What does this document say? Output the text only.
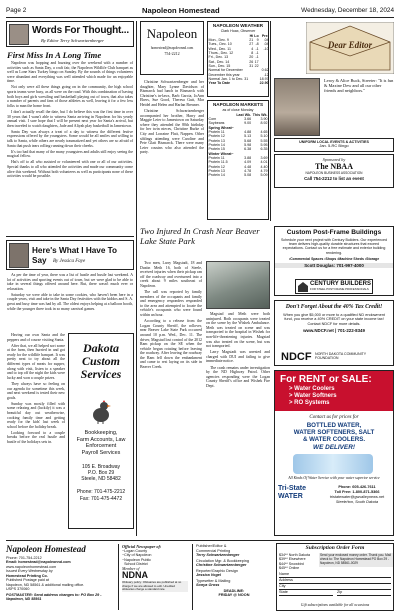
Page 2	Napoleon Homestead	Wednesday, December 18, 2024
Words For Thought...
By Editor Terry Schwartzenberger
First Miss In A Long Time

Napoleon was hopping and buzzing over the weekend with a number of activities such as Santa Day, a craft fair, the Napoleon Wildlife Club banquet as well as Lone Stars Turkey bingo on Sunday. By the sounds of things volunteers were abundant and everything was well attended which made for an enjoyable time.

Not only were all these things going on in the community, the high school sports teams were busy, as all were on the road. With this combination of having both boys and girls wrestling and basketball playing out of town, that also takes a number of parents and fans of those athletes as well, leaving it for a few less folks to man the home front.

I don't actually recall the date, but I do believe this was the first time in over 30 years that I wasn't able to witness Santa arriving in Napoleon for his yearly annual visit. I sure hope that I will be present next year for Santa's arrival, but then traveled to watch daughters, Jade and Aliyah play basketball in Jamestown.

Santa Day was always a treat of a day to witness the different festive expressions offered by the youngsters. Some would be all smiles and willing to talk to Santa, while others are nearly traumatized and yet others are so afraid of Santa that push tears rolling running down their cheeks.

It's too bad that many of the many youngsters and adults still enjoy seeing the magical fellow.

Hat's off to all who assisted or volunteered with one or all of our activities. Special thanks to all who attended the activities and made our community come alive this weekend. Without both volunteers as well as participants none of these activities would be possible.

Here's What I Have To Say	By Jessica Faye

As per the time of year, there was a list of hustle and bustle last weekend. A lot of activities and sporting events out of town, but we were glad to be able to take in several things offered around here. But, there wasn't much ever or relaxation.

Saturday we were able to take in some cookies, who haven't been here in a couple years, visit and take in the Santa Day festivities with the kiddos and S. A. great and busy time was had by all. The oldest enjoys helping at a balloon booth, while the younger three took in so many carnival games.

Having our own Santa and the peppers and of course visiting Santa.

After that, we all helped sort some at the farm, then hurried in and got ready for the wildlife banquet. It was pretty neat to try about all the different types of meats for supper, along with visit, listen to a speaker and to top off the night the kids were lucky and won a couple prizes.

They always have so feeling on our agenda for sometime this week, and next weekend is tested their new goals.

Sunday was mostly filled with some relaxing and (luckily) it was a beautiful day out weatherwise, cooking family time and getting ready for the kids' last week of school before the holiday break.

Looking forward to a couple breaks before the real hustle and bustle of the holidays sets in.

Dakota Custom Services
Bookkeeping,
Farm Accounts, Law
Enforcement
Payroll Services
105 E. Broadway
P.O. Box 29
Steele, ND 58482
Phone: 701-475-2212
Fax: 701-475-4472
Napoleon
homestead@napoleonnd.com
754-2212

Christine Schwartzenberger and her daughter, Mary Lynne Davidson of Bismarck had lunch in Bismarck with Christine's in-laws, Barb Garcia, JoAnn Ebers, Sue Good, Theresa Gutt, Mar Heidel and Helen and Harlan Breuner.

Christine Schwartzenberger accompanied her brother, Harry and Maggie Leier to Jamestown on Saturday where they attended the 80th birthday for her twin nieces, Christine Burke of City and Lorraine Flatt, Nappen. Other siblings attending were Caroline and Pete Glatt Bismarck. There were many Leier cousins who also attended the party.

Two Injured In Crash Near Beaver Lake State Park

Two men, Larry Magstadt, 18 and Dustin Meth 16, both of Steele, received injuries when their pickup ran off the roadway and overturned into a creek about 9 miles southeast of Napoleon.

The call was reported by family members of the occupants and family and emergency responders responded to the area and attempted to locate the vehicle's occupants who were found within an hour.

According to a release from the Logan County Sheriff, the rollover, near Beaver Lake State Park occurred around 10 p.m. Wed., Dec. 11. The driver, Magstad lost control of the 2012 Ram pickup on the SE when the vehicle began rotating before leaving the roadway. After leaving the roadway the Ram fell down the embankment and came to rest laying on its side in Beaver Creek.

Magstad and Meth were both uninjured. Both occupants were treated on the scene by the Wishek Ambulance. Meth was treated on scene and was transported to the hospital in Wishek for non-life-threatening injuries. Magstad was also treated on the scene, but was not transported.

Larry Magstadt was arrested and charged with DUI and failing to give immediate notice.

The crash remains under investigation by the ND Highway Patrol. Other agencies responding were the Logan County Sheriff's office and Wishek Fire Dept.

NAPOLEON WEATHER
Clark Hoax, Observer
	Hi	Lo	Pre.
Mon., Dec. 9	21	9	.04
Tues., Dec. 10	27	-8	.04
Wed., Dec. 11	4	-1	-10
Thurs., Dec. 12	8	-1	
Fri., Dec. 13	20	-1	
Sat., Dec. 14	26	17	
Sun., Dec. 15	31	22	
Normal for December			0.62
December this year			.12
Normal Jan. 1 to Dec. 31			18.97
Year To Date			22.90
NAPOLEON MARKETS
as of close Monday
	Last Wk.	This Wk.
Corn	3.66	3.90
Soybeans	9.00	8.92
Spring Wheat~		
Protein 11	4.88	4.65
Protein 12	5.13	5.10
Protein 13	5.68	5.55
Protein 14	5.98	5.95
Protein 15	6.38	6.35
Winter Wheat~		
Protein 11	3.88	3.69
Protein 11.5	4.09	4.01
Protein 12	4.48	4.40
Protein 13	4.78	4.79
Protein 14	5.08	5.09
Dear Editor
Leroy & Alice Buck, Streeter: "It is fun & Maxine Dew and all our other friends and neighbors."
UNIFORM LOCAL EVENTS & ACTIVITIES
Jan. 5-RC Bingo
Sponsored by
The NBAA
NAPOLEON BUSINESS ASSOCIATION
Call 754-2212 to list an event
Custom Post-Frame Buildings
Schedule your next project with Century Builders. Our experienced team delivers high-quality durable structures that exceed expectations. Contact us for a free estimate and exterior building rendering.
•Commercial Spaces •Shops •Machine Sheds •Storage
Scott Douglas: 701-997-4000
CENTURY BUILDERS
FOR STEEL POST FRAME PROFESSIONALS
Don't Forget About the 40% Tax Credit!
When you give $5,000 or more to a qualified ND endowment fund, you receive a 40% CREDIT on your state income tax! Contact NDCF for more details.
www.NDCF.net | 701-222-8349
NDCF NORTH DAKOTA COMMUNITY FOUNDATION
For RENT or SALE:
> Water Coolers
> Water Softners
> RO Systems
Contact us for prices for
BOTTLED WATER,
WATER SOFTENERS, SALT
& WATER COOLERS.
WE DELIVER!
All Kinds Of Water Service with your water superior service
Tri-State WATER
Phone: 605-426-7611
Toll Free: 1-800-871-5366
tristatewater@gwvalleynews.net
Steele/ton, South Dakota
Napoleon Homestead
Phone: 701-754-2212
Email: homestead@napoleonnd.com
www.napoleonhomestead.com
Issued Every Wednesday by
Homestead Printing Co.
Published Postage paid at
Napoleon, ND 58561 & additional mailing office.
USPS 370060
POSTMASTER: Send address changes to: PO Box 29 - Napoleon, ND 58561
Official Newspaper of:
~Logan County
~City of Napoleon
~Napoleon Public
School District
Member of
NDNA
Obituary policy: Obituaries are published at no charge if we are allowed to edit. Unedited obituaries charge a standard rate.
Publisher/Editor &
Commercial Printing
Terry Schwartzenberger
Circulation Mgr. & Bookkeeping
Christine Schwartzenberger
Reporter/Graphic Design
Jessica Vogel
Typesetter & Mailing
Sonya Gross
DEADLINE:
FRIDAY @ NOON
Subscription Order Form
$34** North Dakota
$39** Elsewhere
$44** Snowbird
$45** Online
Send your enclosed money order. Thank you. Mail check to: The Napoleon Homestead PO Box 29 - Napoleon, ND 58561-0029
Name
Address
City
State	Zip
Gift subscriptions available for all occasions
